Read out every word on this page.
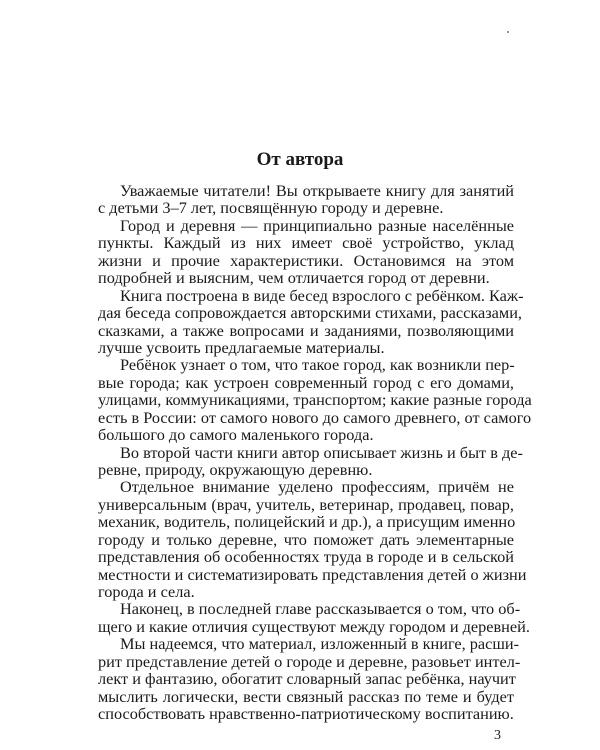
От автора
Уважаемые читатели! Вы открываете книгу для занятий
с детьми 3–7 лет, посвящённую городу и деревне.
Город и деревня — принципиально разные населённые
пункты. Каждый из них имеет своё устройство, уклад
жизни и прочие характеристики. Остановимся на этом
подробней и выясним, чем отличается город от деревни.
Книга построена в виде бесед взрослого с ребёнком. Каж-
дая беседа сопровождается авторскими стихами, рассказами,
сказками, а также вопросами и заданиями, позволяющими
лучше усвоить предлагаемые материалы.
Ребёнок узнает о том, что такое город, как возникли пер-
вые города; как устроен современный город с его домами,
улицами, коммуникациями, транспортом; какие разные города
есть в России: от самого нового до самого древнего, от самого
большого до самого маленького города.
Во второй части книги автор описывает жизнь и быт в де-
ревне, природу, окружающую деревню.
Отдельное внимание уделено профессиям, причём не
универсальным (врач, учитель, ветеринар, продавец, повар,
механик, водитель, полицейский и др.), а присущим именно
городу и только деревне, что поможет дать элементарные
представления об особенностях труда в городе и в сельской
местности и систематизировать представления детей о жизни
города и села.
Наконец, в последней главе рассказывается о том, что об-
щего и какие отличия существуют между городом и деревней.
Мы надеемся, что материал, изложенный в книге, расши-
рит представление детей о городе и деревне, разовьет интел-
лект и фантазию, обогатит словарный запас ребёнка, научит
мыслить логически, вести связный рассказ по теме и будет
способствовать нравственно-патриотическому воспитанию.
3
